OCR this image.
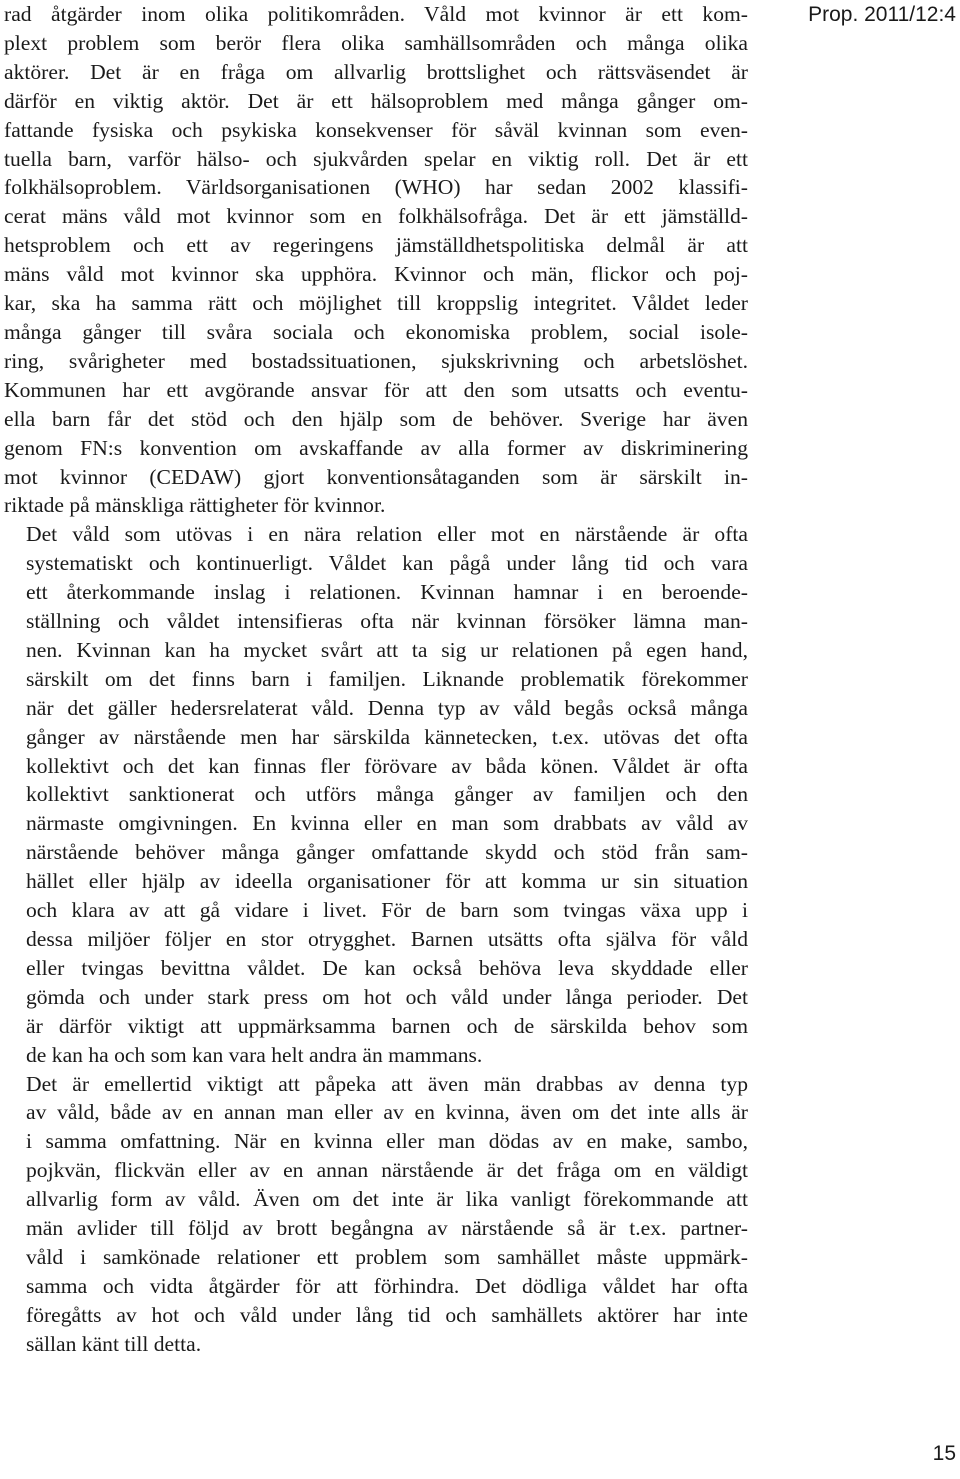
rad åtgärder inom olika politikområden. Våld mot kvinnor är ett kom-
plext problem som berör flera olika samhällsområden och många olika
aktörer. Det är en fråga om allvarlig brottslighet och rättsväsendet är
därför en viktig aktör. Det är ett hälsoproblem med många gånger om-
fattande fysiska och psykiska konsekvenser för såväl kvinnan som even-
tuella barn, varför hälso- och sjukvården spelar en viktig roll. Det är ett
folkhälsoproblem. Världsorganisationen (WHO) har sedan 2002 klassifi-
cerat mäns våld mot kvinnor som en folkhälsofråga. Det är ett jämställd-
hetsproblem och ett av regeringens jämställdhetspolitiska delmål är att
mäns våld mot kvinnor ska upphöra. Kvinnor och män, flickor och poj-
kar, ska ha samma rätt och möjlighet till kroppslig integritet. Våldet leder
många gånger till svåra sociala och ekonomiska problem, social isole-
ring, svårigheter med bostadssituationen, sjukskrivning och arbetslöshet.
Kommunen har ett avgörande ansvar för att den som utsatts och eventu-
ella barn får det stöd och den hjälp som de behöver. Sverige har även
genom FN:s konvention om avskaffande av alla former av diskriminering
mot kvinnor (CEDAW) gjort konventionsåtaganden som är särskilt in-
riktade på mänskliga rättigheter för kvinnor.

Det våld som utövas i en nära relation eller mot en närstående är ofta
systematiskt och kontinuerligt. Våldet kan pågå under lång tid och vara
ett återkommande inslag i relationen. Kvinnan hamnar i en beroende-
ställning och våldet intensifieras ofta när kvinnan försöker lämna man-
nen. Kvinnan kan ha mycket svårt att ta sig ur relationen på egen hand,
särskilt om det finns barn i familjen. Liknande problematik förekommer
när det gäller hedersrelaterat våld. Denna typ av våld begås också många
gånger av närstående men har särskilda kännetecken, t.ex. utövas det ofta
kollektivt och det kan finnas fler förövare av båda könen. Våldet är ofta
kollektivt sanktionerat och utförs många gånger av familjen och den
närmaste omgivningen. En kvinna eller en man som drabbats av våld av
närstående behöver många gånger omfattande skydd och stöd från sam-
hället eller hjälp av ideella organisationer för att komma ur sin situation
och klara av att gå vidare i livet. För de barn som tvingas växa upp i
dessa miljöer följer en stor otrygghet. Barnen utsätts ofta själva för våld
eller tvingas bevittna våldet. De kan också behöva leva skyddade eller
gömda och under stark press om hot och våld under långa perioder. Det
är därför viktigt att uppmärksamma barnen och de särskilda behov som
de kan ha och som kan vara helt andra än mammans.

Det är emellertid viktigt att påpeka att även män drabbas av denna typ
av våld, både av en annan man eller av en kvinna, även om det inte alls är
i samma omfattning. När en kvinna eller man dödas av en make, sambo,
pojkvän, flickvän eller av en annan närstående är det fråga om en väldigt
allvarlig form av våld. Även om det inte är lika vanligt förekommande att
män avlider till följd av brott begångna av närstående så är t.ex. partner-
våld i samkönade relationer ett problem som samhället måste uppmärk-
samma och vidta åtgärder för att förhindra. Det dödliga våldet har ofta
föregåtts av hot och våld under lång tid och samhällets aktörer har inte
sällan känt till detta.

Prop. 2011/12:4
15
